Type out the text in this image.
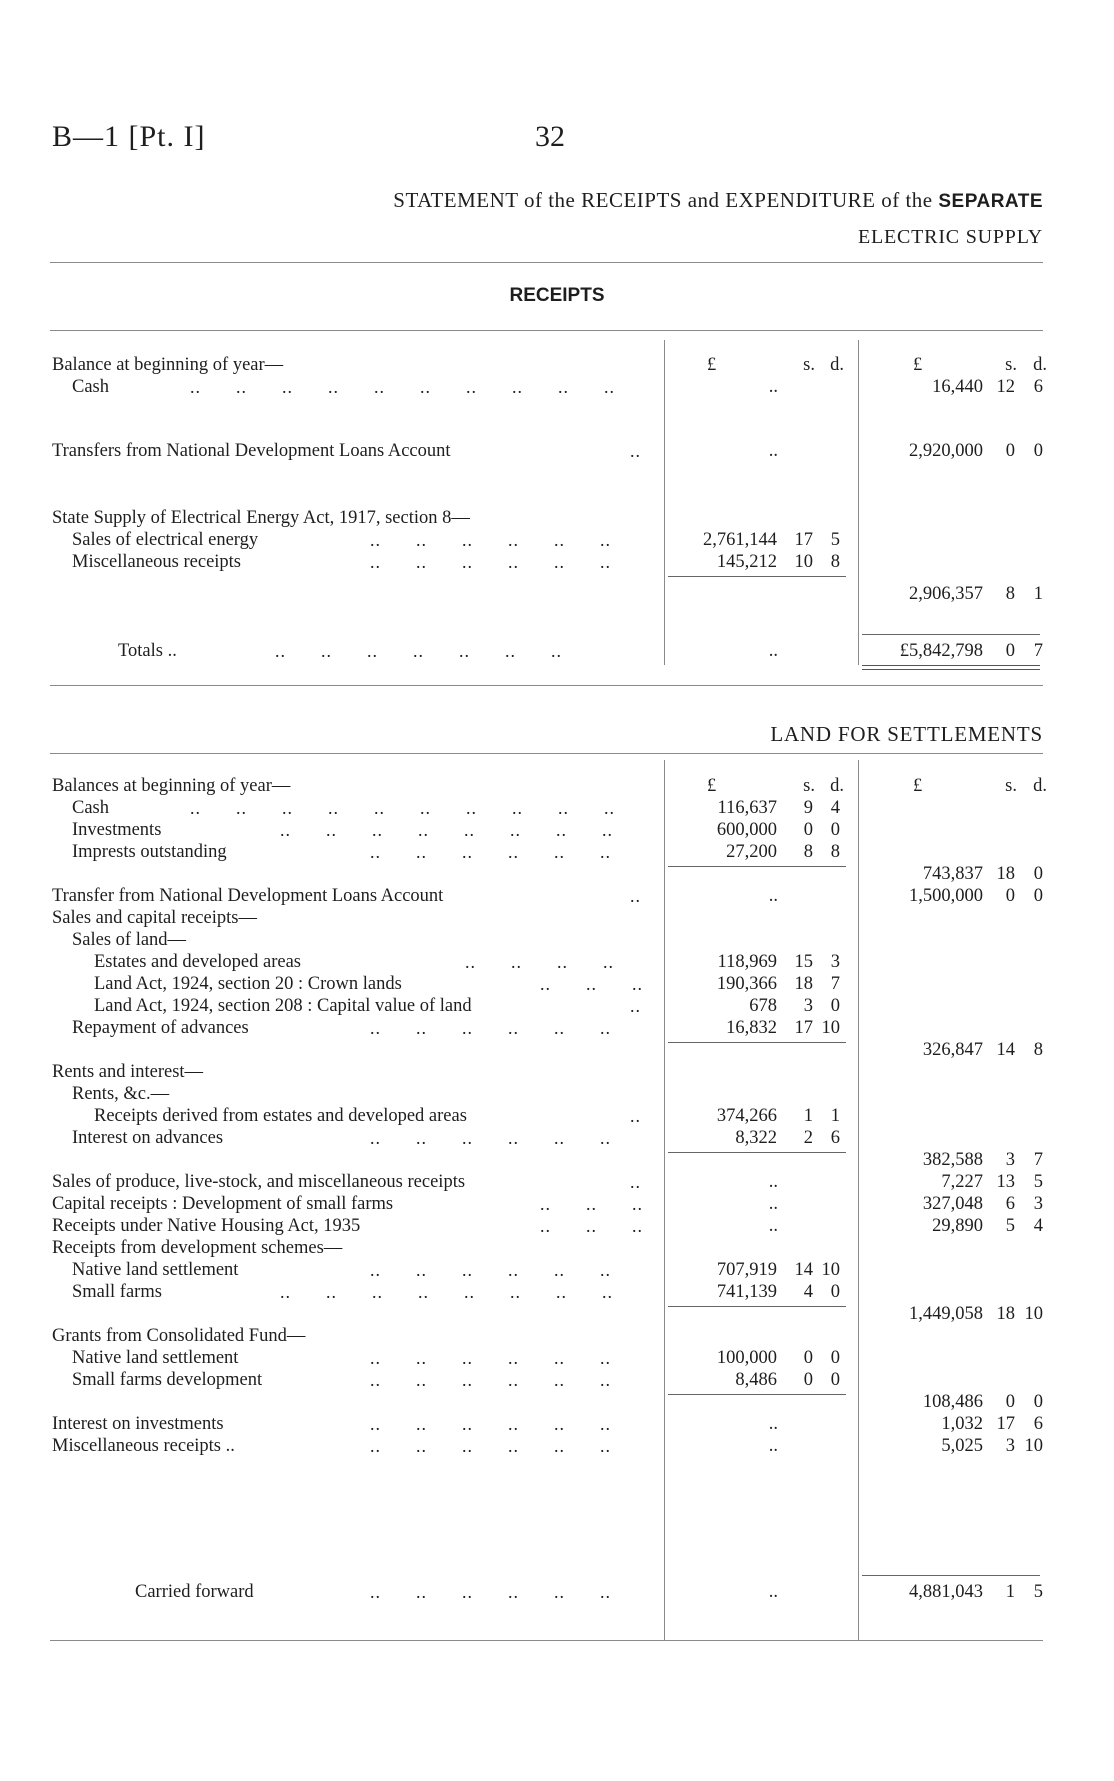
B—1 [Pt. I]	32
STATEMENT of the RECEIPTS and EXPENDITURE of the SEPARATE
ELECTRIC SUPPLY
RECEIPTS
£	s. d.	£	s. d.
Balance at beginning of year—
Cash	.. .. .. .. .. .. .. .. .. ..	..	16,440 12 6
Transfers from National Development Loans Account	..	..	2,920,000 0 0
State Supply of Electrical Energy Act, 1917, section 8—
Sales of electrical energy	.. .. .. .. .. ..	2,761,144 17 5
Miscellaneous receipts	.. .. .. .. .. ..	145,212 10 8
2,906,357 8 1
Totals ..	.. .. .. .. .. .. ..	..	£5,842,798 0 7
£	s. d.	£	s. d.
Balances at beginning of year—
Cash	.. .. .. .. .. .. .. .. .. ..	116,637 9 4
Investments	.. .. .. .. .. .. .. ..	600,000 0 0
Imprests outstanding	.. .. .. .. .. ..	27,200 8 8
743,837 18 0
Transfer from National Development Loans Account	..	..	1,500,000 0 0
Sales and capital receipts—
Sales of land—
Estates and developed areas	.. .. .. ..	118,969 15 3
Land Act, 1924, section 20 : Crown lands	.. .. ..	190,366 18 7
Land Act, 1924, section 208 : Capital value of land	..	678 3 0
Repayment of advances	.. .. .. .. .. ..	16,832 17 10
326,847 14 8
Rents and interest—
Rents, &c.—
Receipts derived from estates and developed areas	..	374,266 1 1
Interest on advances	.. .. .. .. .. ..	8,322 2 6
382,588 3 7
Sales of produce, live-stock, and miscellaneous receipts	..	..	7,227 13 5
Capital receipts : Development of small farms	.. .. ..	..	327,048 6 3
Receipts under Native Housing Act, 1935	.. .. ..	..	29,890 5 4
Receipts from development schemes—
Native land settlement	.. .. .. .. .. ..	707,919 14 10
Small farms	.. .. .. .. .. .. .. ..	741,139 4 0
1,449,058 18 10
Grants from Consolidated Fund—
Native land settlement	.. .. .. .. .. ..	100,000 0 0
Small farms development	.. .. .. .. .. ..	8,486 0 0
108,486 0 0
Interest on investments	.. .. .. .. .. ..	..	1,032 17 6
Miscellaneous receipts ..	.. .. .. .. .. ..	..	5,025 3 10
Carried forward	.. .. .. .. .. ..	..	4,881,043 1 5
LAND FOR SETTLEMENTS
